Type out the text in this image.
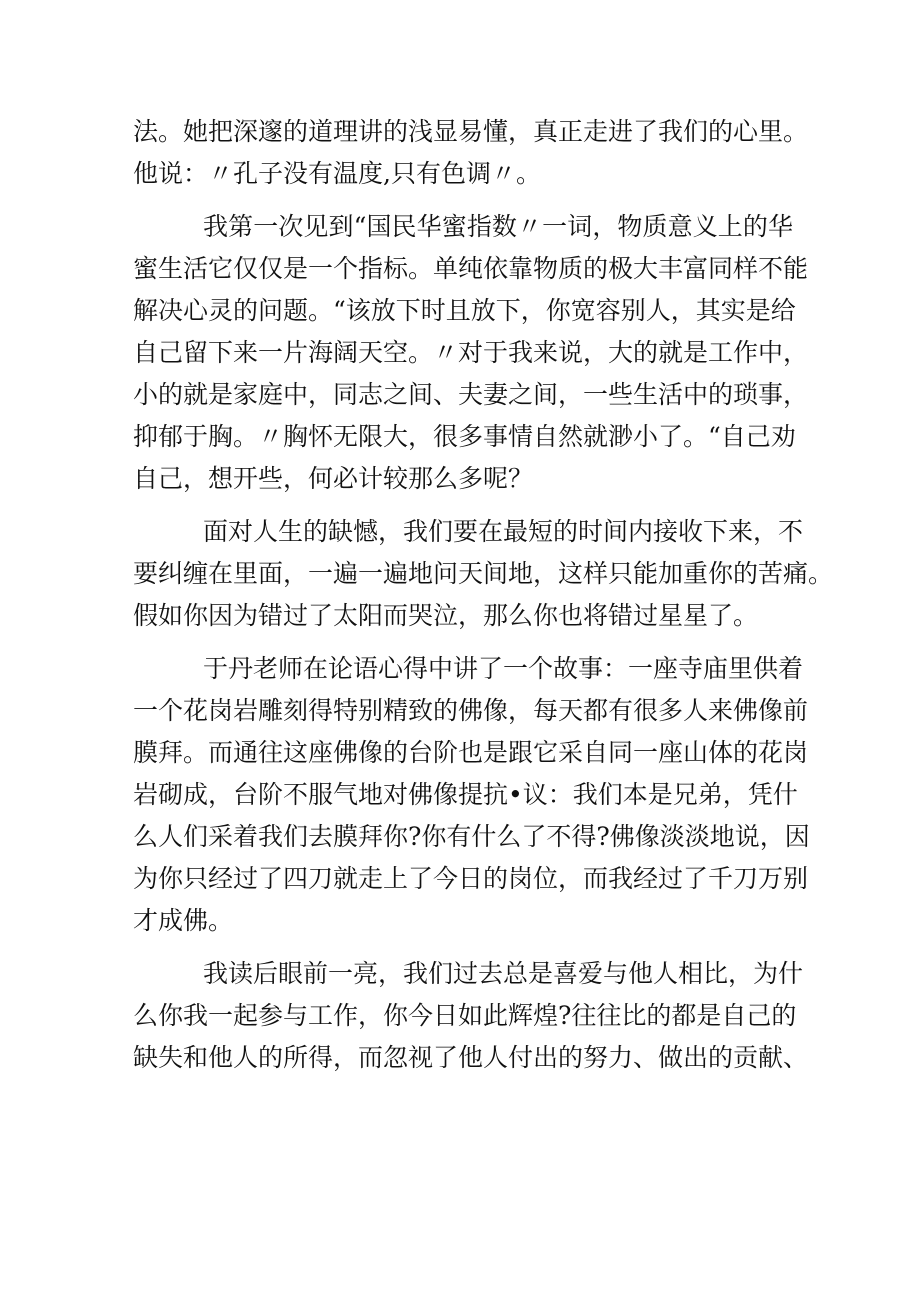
法。她把深邃的道理讲的浅显易懂，真正走进了我们的心里。
他说：〃孔子没有温度,只有色调〃。
我第一次见到“国民华蜜指数〃一词，物质意义上的华
蜜生活它仅仅是一个指标。单纯依靠物质的极大丰富同样不能
解决心灵的问题。“该放下时且放下，你宽容别人，其实是给
自己留下来一片海阔天空。〃对于我来说，大的就是工作中，
小的就是家庭中，同志之间、夫妻之间，一些生活中的琐事，
抑郁于胸。〃胸怀无限大，很多事情自然就渺小了。“自己劝
自己，想开些，何必计较那么多呢？
面对人生的缺憾，我们要在最短的时间内接收下来，不
要纠缠在里面，一遍一遍地问天间地，这样只能加重你的苦痛。
假如你因为错过了太阳而哭泣，那么你也将错过星星了。
于丹老师在论语心得中讲了一个故事：一座寺庙里供着
一个花岗岩雕刻得特别精致的佛像，每天都有很多人来佛像前
膜拜。而通往这座佛像的台阶也是跟它采自同一座山体的花岗
岩砌成，台阶不服气地对佛像提抗•议：我们本是兄弟，凭什
么人们采着我们去膜拜你?你有什么了不得?佛像淡淡地说，因
为你只经过了四刀就走上了今日的岗位，而我经过了千刀万别
才成佛。
我读后眼前一亮，我们过去总是喜爱与他人相比，为什
么你我一起参与工作，你今日如此辉煌?往往比的都是自己的
缺失和他人的所得，而忽视了他人付出的努力、做出的贡献、
